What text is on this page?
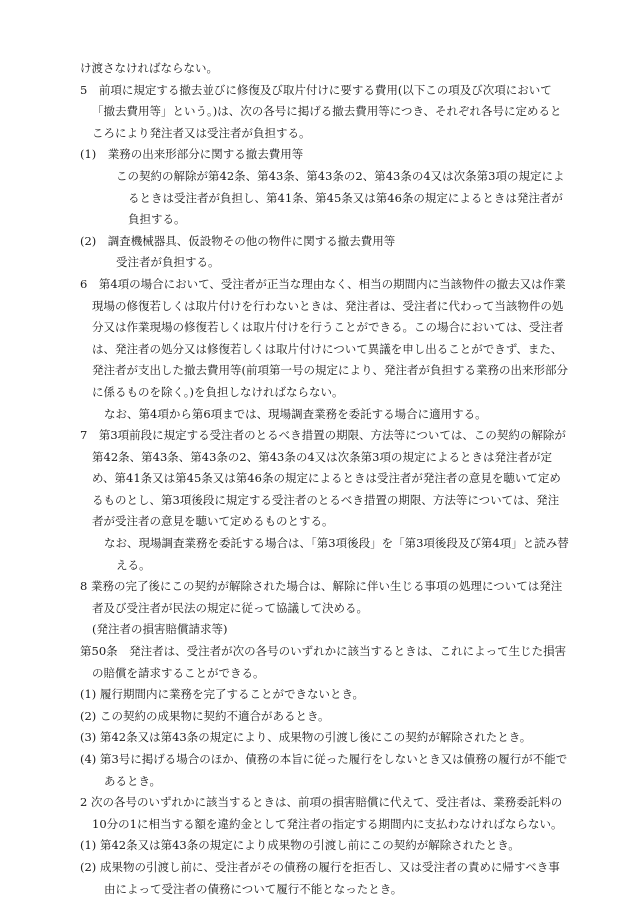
け渡さなければならない。

5　前項に規定する撤去並びに修復及び取片付けに要する費用(以下この項及び次項において「撤去費用等」という。)は、次の各号に掲げる撤去費用等につき、それぞれ各号に定めるところにより発注者又は受注者が負担する。

(1)　業務の出来形部分に関する撤去費用等

この契約の解除が第42条、第43条、第43条の2、第43条の4又は次条第3項の規定によるときは受注者が負担し、第41条、第45条又は第46条の規定によるときは発注者が負担する。

(2)　調査機械器具、仮設物その他の物件に関する撤去費用等

受注者が負担する。

6　第4項の場合において、受注者が正当な理由なく、相当の期間内に当該物件の撤去又は作業現場の修復若しくは取片付けを行わないときは、発注者は、受注者に代わって当該物件の処分又は作業現場の修復若しくは取片付けを行うことができる。この場合においては、受注者は、発注者の処分又は修復若しくは取片付けについて異議を申し出ることができず、また、発注者が支出した撤去費用等(前項第一号の規定により、発注者が負担する業務の出来形部分に係るものを除く。)を負担しなければならない。

なお、第4項から第6項までは、現場調査業務を委託する場合に適用する。

7　第3項前段に規定する受注者のとるべき措置の期限、方法等については、この契約の解除が第42条、第43条、第43条の2、第43条の4又は次条第3項の規定によるときは発注者が定め、第41条又は第45条又は第46条の規定によるときは受注者が発注者の意見を聴いて定めるものとし、第3項後段に規定する受注者のとるべき措置の期限、方法等については、発注者が受注者の意見を聴いて定めるものとする。

なお、現場調査業務を委託する場合は、「第3項後段」を「第3項後段及び第4項」と読み替える。

8 業務の完了後にこの契約が解除された場合は、解除に伴い生じる事項の処理については発注者及び受注者が民法の規定に従って協議して決める。

(発注者の損害賠償請求等)

第50条　発注者は、受注者が次の各号のいずれかに該当するときは、これによって生じた損害の賠償を請求することができる。

(1) 履行期間内に業務を完了することができないとき。

(2) この契約の成果物に契約不適合があるとき。

(3) 第42条又は第43条の規定により、成果物の引渡し後にこの契約が解除されたとき。

(4) 第3号に掲げる場合のほか、債務の本旨に従った履行をしないとき又は債務の履行が不能であるとき。

2 次の各号のいずれかに該当するときは、前項の損害賠償に代えて、受注者は、業務委託料の10分の1に相当する額を違約金として発注者の指定する期間内に支払わなければならない。

(1) 第42条又は第43条の規定により成果物の引渡し前にこの契約が解除されたとき。

(2) 成果物の引渡し前に、受注者がその債務の履行を拒否し、又は受注者の責めに帰すべき事由によって受注者の債務について履行不能となったとき。
